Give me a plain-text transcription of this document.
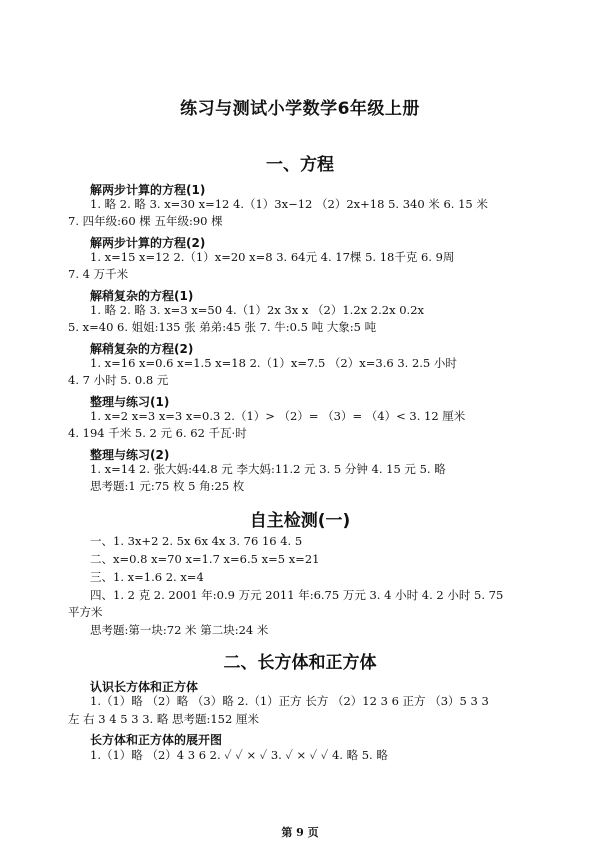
练习与测试小学数学6年级上册
一、方程
解两步计算的方程(1)
1. 略 2. 略 3. x=30 x=12 4.（1）3x−12 （2）2x+18 5. 340 米 6. 15 米
7. 四年级:60 棵 五年级:90 棵
解两步计算的方程(2)
1. x=15 x=12 2.（1）x=20 x=8 3. 64元 4. 17棵 5. 18千克 6. 9周
7. 4 万千米
解稍复杂的方程(1)
1. 略 2. 略 3. x=3 x=50 4.（1）2x 3x x （2）1.2x 2.2x 0.2x
5. x=40 6. 姐姐:135 张 弟弟:45 张 7. 牛:0.5 吨 大象:5 吨
解稍复杂的方程(2)
1. x=16 x=0.6 x=1.5 x=18 2.（1）x=7.5 （2）x=3.6 3. 2.5 小时
4. 7 小时 5. 0.8 元
整理与练习(1)
1. x=2 x=3 x=3 x=0.3 2.（1）> （2）= （3）= （4）< 3. 12 厘米
4. 194 千米 5. 2 元 6. 62 千瓦·时
整理与练习(2)
1. x=14 2. 张大妈:44.8 元 李大妈:11.2 元 3. 5 分钟 4. 15 元 5. 略
思考题:1 元:75 枚 5 角:25 枚
自主检测(一)
一、1. 3x+2 2. 5x 6x 4x 3. 76 16 4. 5
二、x=0.8 x=70 x=1.7 x=6.5 x=5 x=21
三、1. x=1.6 2. x=4
四、1. 2 克 2. 2001 年:0.9 万元 2011 年:6.75 万元 3. 4 小时 4. 2 小时 5. 75
平方米
思考题:第一块:72 米 第二块:24 米
二、长方体和正方体
认识长方体和正方体
1.（1）略 （2）略 （3）略 2.（1）正方 长方 （2）12 3 6 正方 （3）5 3 3
左 右 3 4 5 3 3. 略 思考题:152 厘米
长方体和正方体的展开图
1.（1）略 （2）4 3 6 2. ✓ ✓ × ✓ 3. ✓ × ✓ ✓ 4. 略 5. 略
第 9 页
